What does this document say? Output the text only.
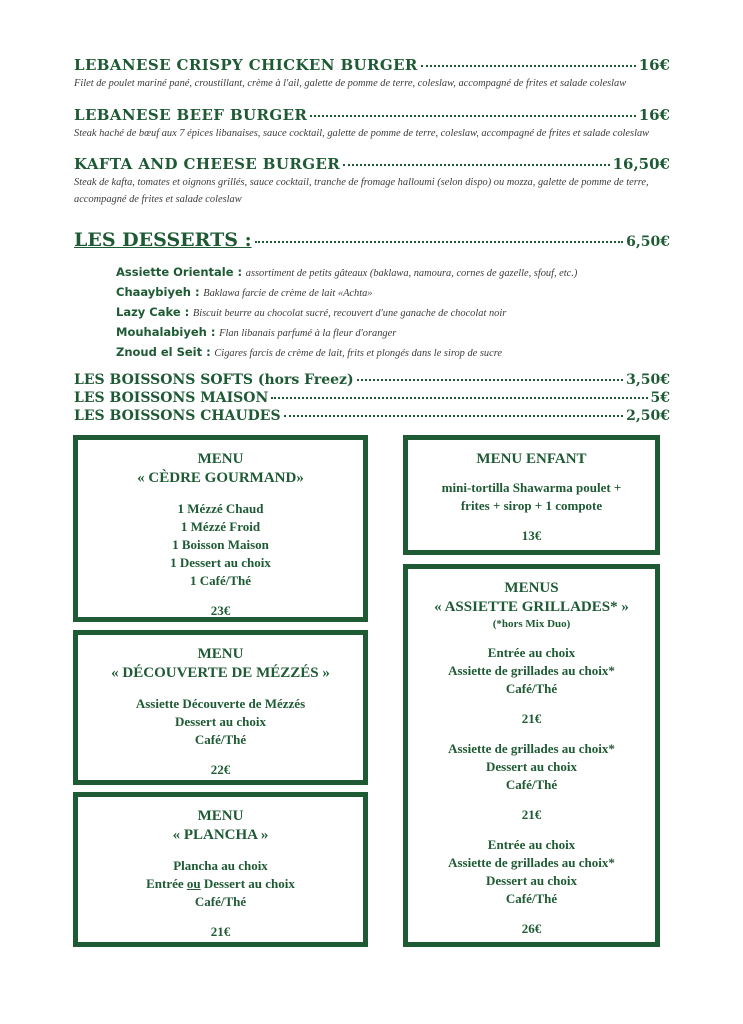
LEBANESE CRISPY CHICKEN BURGER	16€
Filet de poulet mariné pané, croustillant, crème à l'ail, galette de pomme de terre, coleslaw, accompagné de frites et salade coleslaw
LEBANESE BEEF BURGER	16€
Steak haché de bœuf aux 7 épices libanaises, sauce cocktail, galette de pomme de terre, coleslaw, accompagné de frites et salade coleslaw
KAFTA AND CHEESE BURGER	16,50€
Steak de kafta, tomates et oignons grillés, sauce cocktail, tranche de fromage halloumi (selon dispo) ou mozza, galette de pomme de terre,
accompagné de frites et salade coleslaw
LES DESSERTS :	6,50€
Assiette Orientale : assortiment de petits gâteaux (baklawa, namoura, cornes de gazelle, sfouf, etc.)
Chaaybiyeh : Baklawa farcie de crème de lait «Achta»
Lazy Cake : Biscuit beurre au chocolat sucré, recouvert d'une ganache de chocolat noir
Mouhalabiyeh : Flan libanais parfumé à la fleur d'oranger
Znoud el Seit : Cigares farcis de crème de lait, frits et plongés dans le sirop de sucre
LES BOISSONS SOFTS (hors Freez)	3,50€
LES BOISSONS MAISON	5€
LES BOISSONS CHAUDES	2,50€
MENU
« CÈDRE GOURMAND»
1 Mézzé Chaud
1 Mézzé Froid
1 Boisson Maison
1 Dessert au choix
1 Café/Thé
23€
MENU
« DÉCOUVERTE DE MÉZZÉS »
Assiette Découverte de Mézzés
Dessert au choix
Café/Thé
22€
MENU
« PLANCHA »
Plancha au choix
Entrée ou Dessert au choix
Café/Thé
21€
MENU ENFANT
mini-tortilla Shawarma poulet +
frites + sirop + 1 compote
13€
MENUS
« ASSIETTE GRILLADES* »
(*hors Mix Duo)
Entrée au choix
Assiette de grillades au choix*
Café/Thé
21€
Assiette de grillades au choix*
Dessert au choix
Café/Thé
21€
Entrée au choix
Assiette de grillades au choix*
Dessert au choix
Café/Thé
26€
